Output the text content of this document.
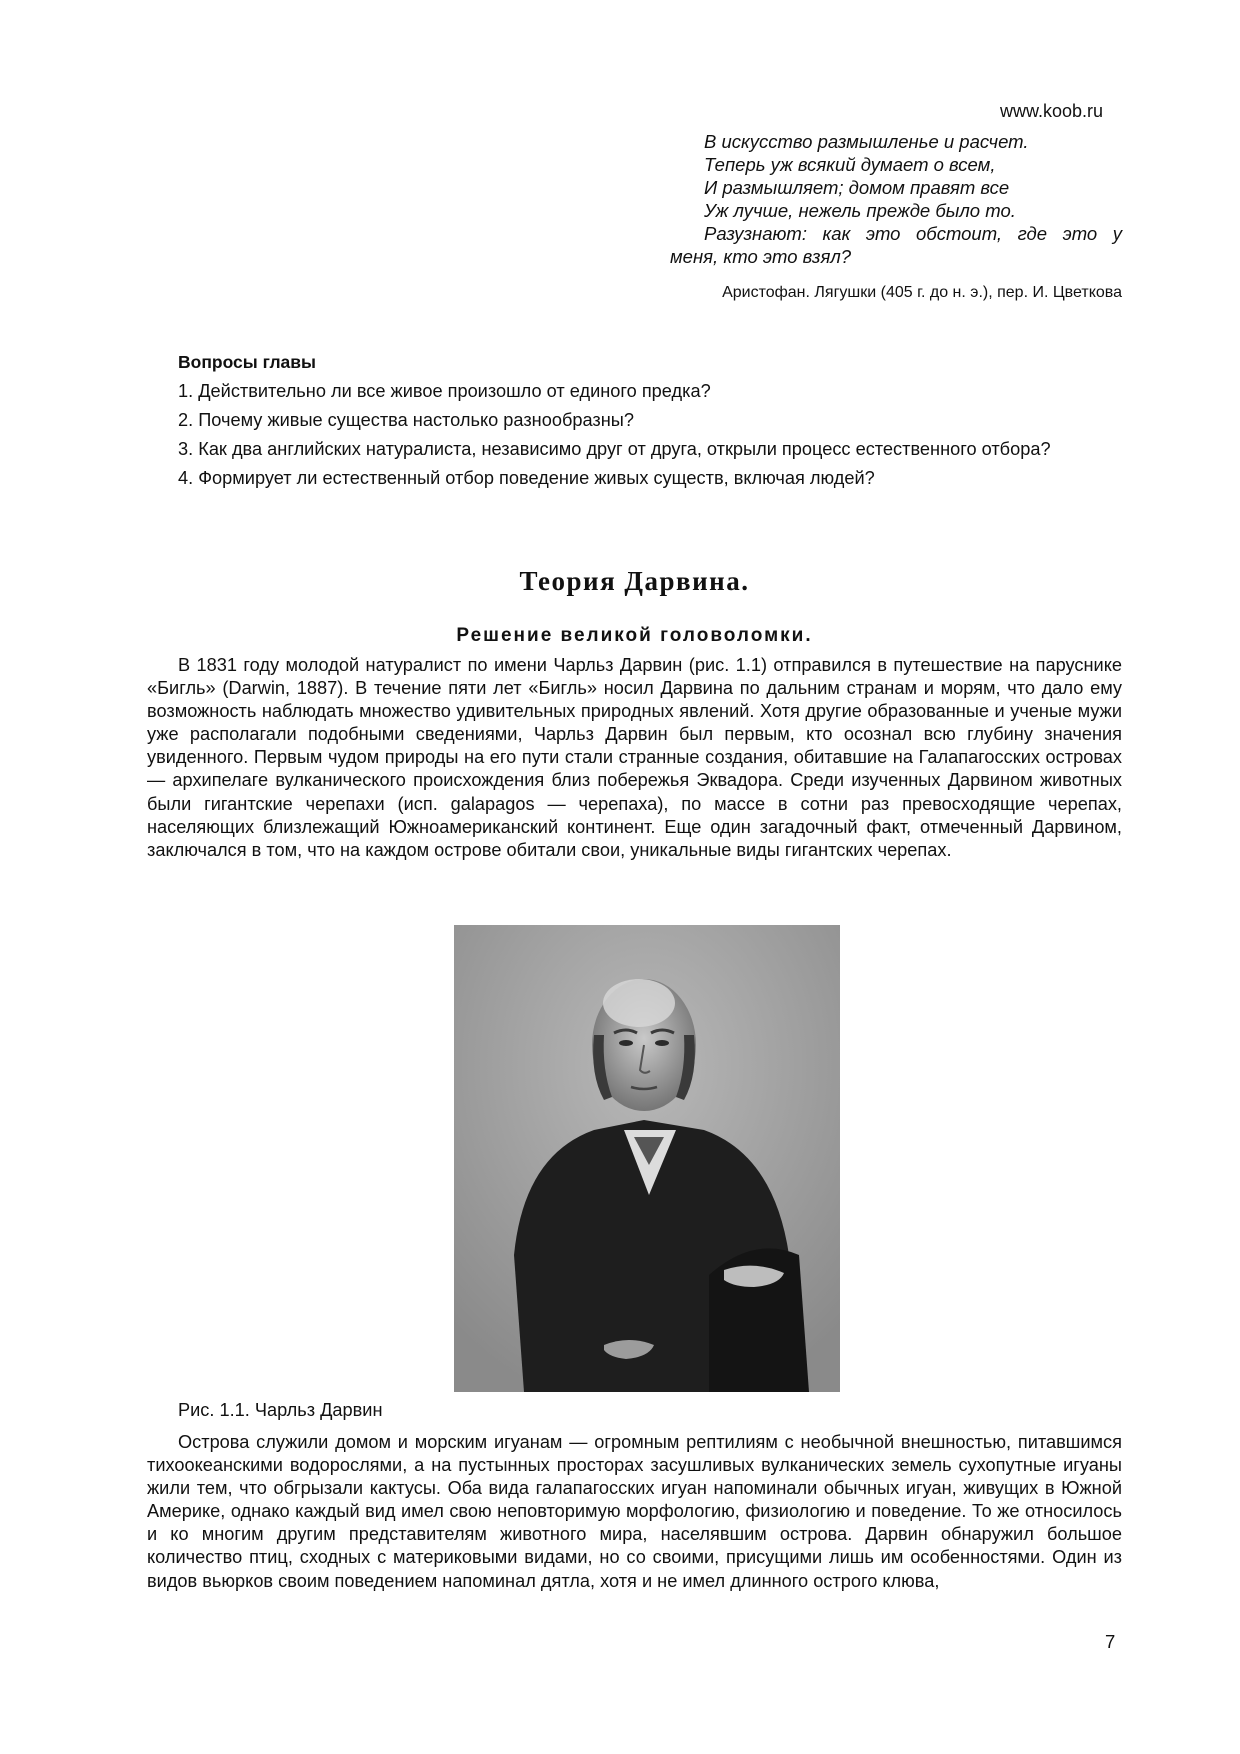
www.koob.ru
В искусство размышленье и расчет.
Теперь уж всякий думает о всем,
И размышляет; домом правят все
Уж лучше, нежель прежде было то.
Разузнают: как это обстоит, где это у
меня, кто это взял?
Аристофан. Лягушки (405 г. до н. э.), пер. И. Цветкова
Вопросы главы

1. Действительно ли все живое произошло от единого предка?

2. Почему живые существа настолько разнообразны?

3. Как два английских натуралиста, независимо друг от друга, открыли процесс естественного отбора?

4. Формирует ли естественный отбор поведение живых существ, включая людей?

Теория Дарвина.
Решение великой головоломки.
В 1831 году молодой натуралист по имени Чарльз Дарвин (рис. 1.1) отправился в путешествие на паруснике «Бигль» (Darwin, 1887). В течение пяти лет «Бигль» носил Дарвина по дальним странам и морям, что дало ему возможность наблюдать множество удивительных природных явлений. Хотя другие образованные и ученые мужи уже располагали подобными сведениями, Чарльз Дарвин был первым, кто осознал всю глубину значения увиденного. Первым чудом природы на его пути стали странные создания, обитавшие на Галапагосских островах — архипелаге вулканического происхождения близ побережья Эквадора. Среди изученных Дарвином животных были гигантские черепахи (исп. galapagos — черепаха), по массе в сотни раз превосходящие черепах, населяющих близлежащий Южноамериканский континент. Еще один загадочный факт, отмеченный Дарвином, заключался в том, что на каждом острове обитали свои, уникальные виды гигантских черепах.
Рис. 1.1. Чарльз Дарвин
Острова служили домом и морским игуанам — огромным рептилиям с необычной внешностью, питавшимся тихоокеанскими водорослями, а на пустынных просторах засушливых вулканических земель сухопутные игуаны жили тем, что обгрызали кактусы. Оба вида галапагосских игуан напоминали обычных игуан, живущих в Южной Америке, однако каждый вид имел свою неповторимую морфологию, физиологию и поведение. То же относилось и ко многим другим представителям животного мира, населявшим острова. Дарвин обнаружил большое количество птиц, сходных с материковыми видами, но со своими, присущими лишь им особенностями. Один из видов вьюрков своим поведением напоминал дятла, хотя и не имел длинного острого клюва,
7
